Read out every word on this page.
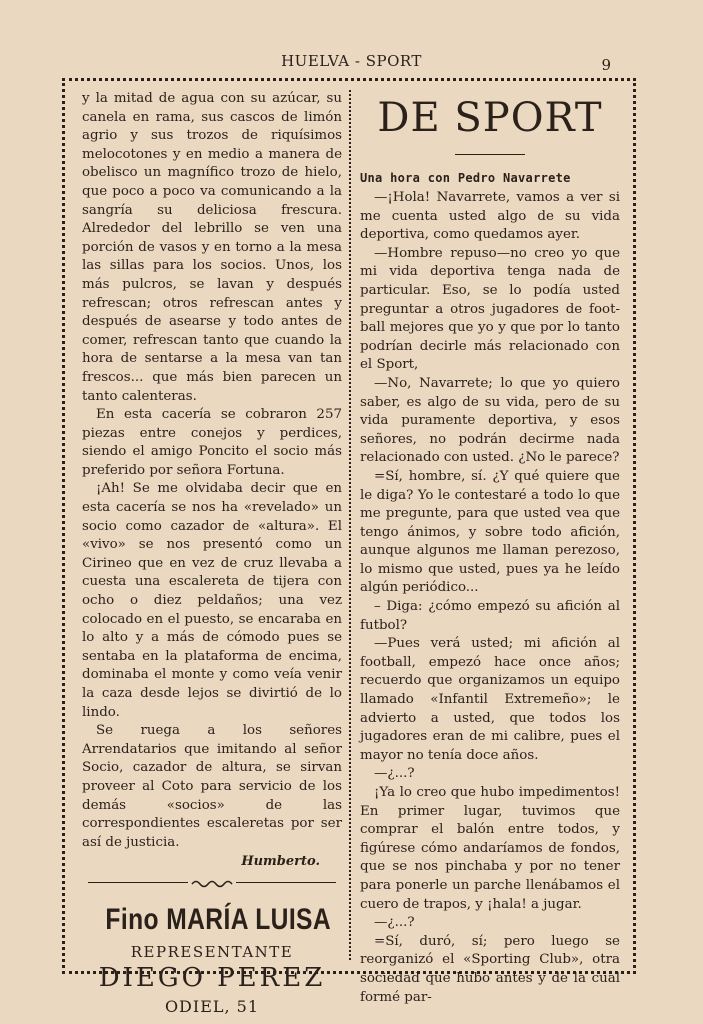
HUELVA - SPORT	9

y la mitad de agua con su azúcar, su canela en rama, sus cascos de limón agrio y sus trozos de riquísimos melocotones y en medio a manera de obelisco un magnífico trozo de hielo, que poco a poco va comunicando a la sangría su deliciosa frescura. Alrededor del lebrillo se ven una porción de vasos y en torno a la mesa las sillas para los socios. Unos, los más pulcros, se lavan y después refrescan; otros refrescan antes y después de asearse y todo antes de comer, refrescan tanto que cuando la hora de sentarse a la mesa van tan frescos... que más bien parecen un tanto calenteras.

En esta cacería se cobraron 257 piezas entre conejos y perdices, siendo el amigo Poncito el socio más preferido por señora Fortuna.

¡Ah! Se me olvidaba decir que en esta cacería se nos ha «revelado» un socio como cazador de «altura». El «vivo» se nos presentó como un Cirineo que en vez de cruz llevaba a cuesta una escalereta de tijera con ocho o diez peldaños; una vez colocado en el puesto, se encaraba en lo alto y a más de cómodo pues se sentaba en la plataforma de encima, dominaba el monte y como veía venir la caza desde lejos se divirtió de lo lindo.

Se ruega a los señores Arrendatarios que imitando al señor Socio, cazador de altura, se sirvan proveer al Coto para servicio de los demás «socios» de las correspondientes escaleretas por ser así de justicia.

Humberto.
Fino MARÍA LUISA
REPRESENTANTE
DIEGO PEREZ
ODIEL, 51
DE SPORT
Una hora con Pedro Navarrete

—¡Hola! Navarrete, vamos a ver si me cuenta usted algo de su vida deportiva, como quedamos ayer.

—Hombre repuso—no creo yo que mi vida deportiva tenga nada de particular. Eso, se lo podía usted preguntar a otros jugadores de foot-ball mejores que yo y que por lo tanto podrían decirle más relacionado con el Sport,

—No, Navarrete; lo que yo quiero saber, es algo de su vida, pero de su vida puramente deportiva, y esos señores, no podrán decirme nada relacionado con usted. ¿No le parece?

=Sí, hombre, sí. ¿Y qué quiere que le diga? Yo le contestaré a todo lo que me pregunte, para que usted vea que tengo ánimos, y sobre todo afición, aunque algunos me llaman perezoso, lo mismo que usted, pues ya he leído algún periódico...

– Diga: ¿cómo empezó su afición al futbol?

—Pues verá usted; mi afición al football, empezó hace once años; recuerdo que organizamos un equipo llamado «Infantil Extremeño»; le advierto a usted, que todos los jugadores eran de mi calibre, pues el mayor no tenía doce años.

—¿...?

¡Ya lo creo que hubo impedimentos! En primer lugar, tuvimos que comprar el balón entre todos, y figúrese cómo andaríamos de fondos, que se nos pinchaba y por no tener para ponerle un parche llenábamos el cuero de trapos, y ¡hala! a jugar.

—¿...?

=Sí, duró, sí; pero luego se reorganizó el «Sporting Club», otra sociedad que hubo antes y de la cual formé par-
